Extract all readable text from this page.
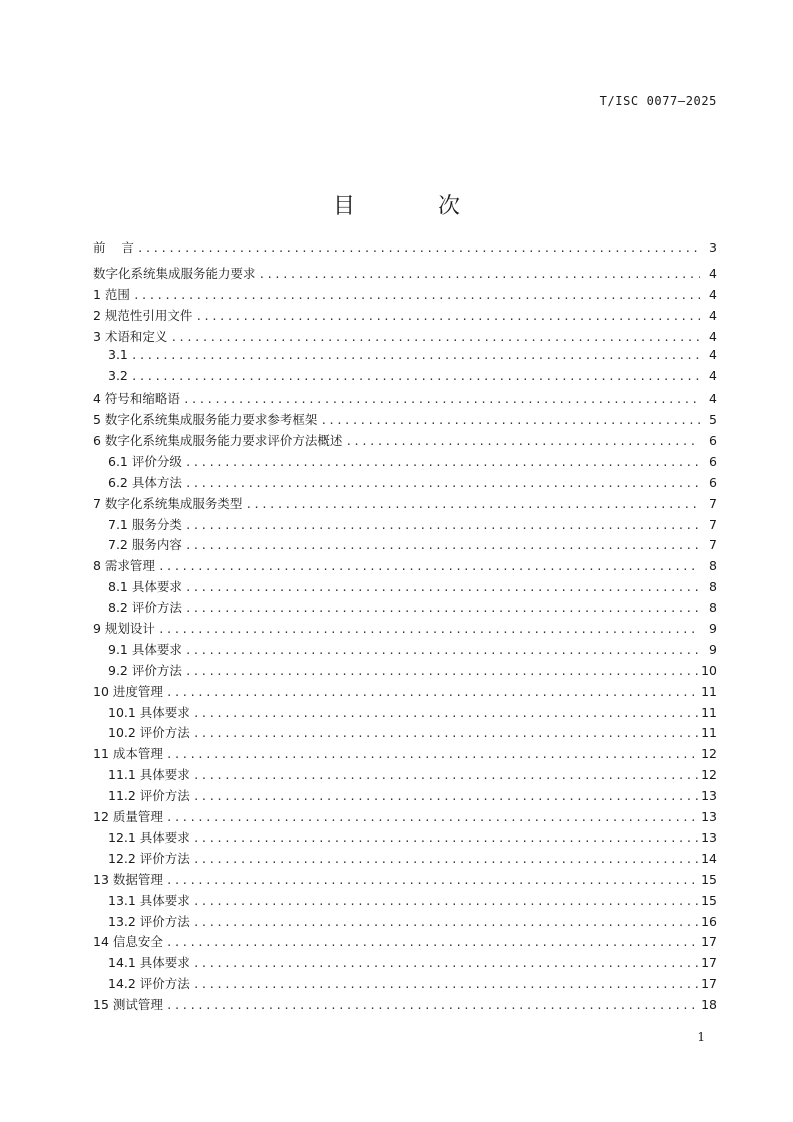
T/ISC 0077—2025
目 次
前    言 .....	3
数字化系统集成服务能力要求 .....	4
1 范围 .....	4
2 规范性引用文件 .....	4
3 术语和定义 .....	4
3.1 .....	4
3.2 .....	4
4 符号和缩略语 .....	4
5 数字化系统集成服务能力要求参考框架 .....	5
6 数字化系统集成服务能力要求评价方法概述 .....	6
6.1 评价分级 .....	6
6.2 具体方法 .....	6
7 数字化系统集成服务类型 .....	7
7.1 服务分类 .....	7
7.2 服务内容 .....	7
8 需求管理 .....	8
8.1 具体要求 .....	8
8.2 评价方法 .....	8
9 规划设计 .....	9
9.1 具体要求 .....	9
9.2 评价方法 .....	10
10 进度管理 .....	11
10.1 具体要求 .....	11
10.2 评价方法 .....	11
11 成本管理 .....	12
11.1 具体要求 .....	12
11.2 评价方法 .....	13
12 质量管理 .....	13
12.1 具体要求 .....	13
12.2 评价方法 .....	14
13 数据管理 .....	15
13.1 具体要求 .....	15
13.2 评价方法 .....	16
14 信息安全 .....	17
14.1 具体要求 .....	17
14.2 评价方法 .....	17
15 测试管理 .....	18
1
